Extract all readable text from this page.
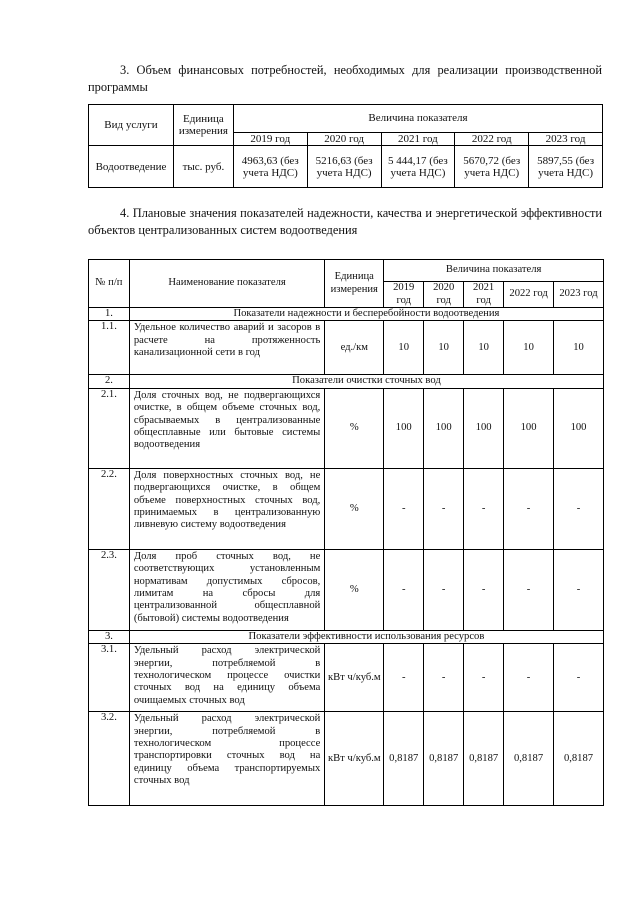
3. Объем финансовых потребностей, необходимых для реализации производственной программы

Вид услуги	Единица измерения	Величина показателя				
		2019 год	2020 год	2021 год	2022 год	2023 год
Водоотведение	тыс. руб.	4963,63 (без учета НДС)	5216,63 (без учета НДС)	5 444,17 (без учета НДС)	5670,72 (без учета НДС)	5897,55 (без учета НДС)

4. Плановые значения показателей надежности, качества и энергетической эффективности объектов централизованных систем водоотведения

№ п/п	Наименование показателя	Единица измерения	Величина показателя				
			2019 год	2020 год	2021 год	2022 год	2023 год
1.	Показатели надежности и бесперебойности водоотведения						
1.1.	Удельное количество аварий и засоров в расчете на протяженность канализационной сети в год	ед./км	10	10	10	10	10
2.	Показатели очистки сточных вод						
2.1.	Доля сточных вод, не подвергающихся очистке, в общем объеме сточных вод, сбрасываемых в централизованные общесплавные или бытовые системы водоотведения	%	100	100	100	100	100
2.2.	Доля поверхностных сточных вод, не подвергающихся очистке, в общем объеме поверхностных сточных вод, принимаемых в централизованную ливневую систему водоотведения	%	-	-	-	-	-
2.3.	Доля проб сточных вод, не соответствующих установленным нормативам допустимых сбросов, лимитам на сбросы для централизованной общесплавной (бытовой) системы водоотведения	%	-	-	-	-	-
3.	Показатели эффективности использования ресурсов						
3.1.	Удельный расход электрической энергии, потребляемой в технологическом процессе очистки сточных вод на единицу объема очищаемых сточных вод	кВт ч/куб.м	-	-	-	-	-
3.2.	Удельный расход электрической энергии, потребляемой в технологическом процессе транспортировки сточных вод на единицу объема транспортируемых сточных вод	кВт ч/куб.м	0,8187	0,8187	0,8187	0,8187	0,8187
